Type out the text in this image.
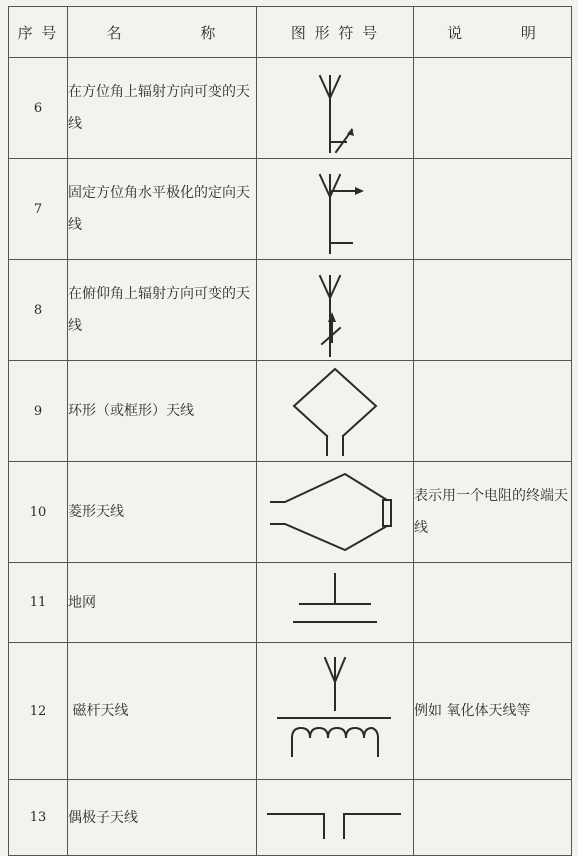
序 号	名 称	图 形 符 号	说 明
6	在方位角上辐射方向可变的天线	

7	固定方位角水平极化的定向天线	

8	在俯仰角上辐射方向可变的天线	

9	环形（或框形）天线	

10	菱形天线		表示用一个电阻的终端天线
11	地网	

12	磁杆天线		例如 氧化体天线等
13	偶极子天线	
